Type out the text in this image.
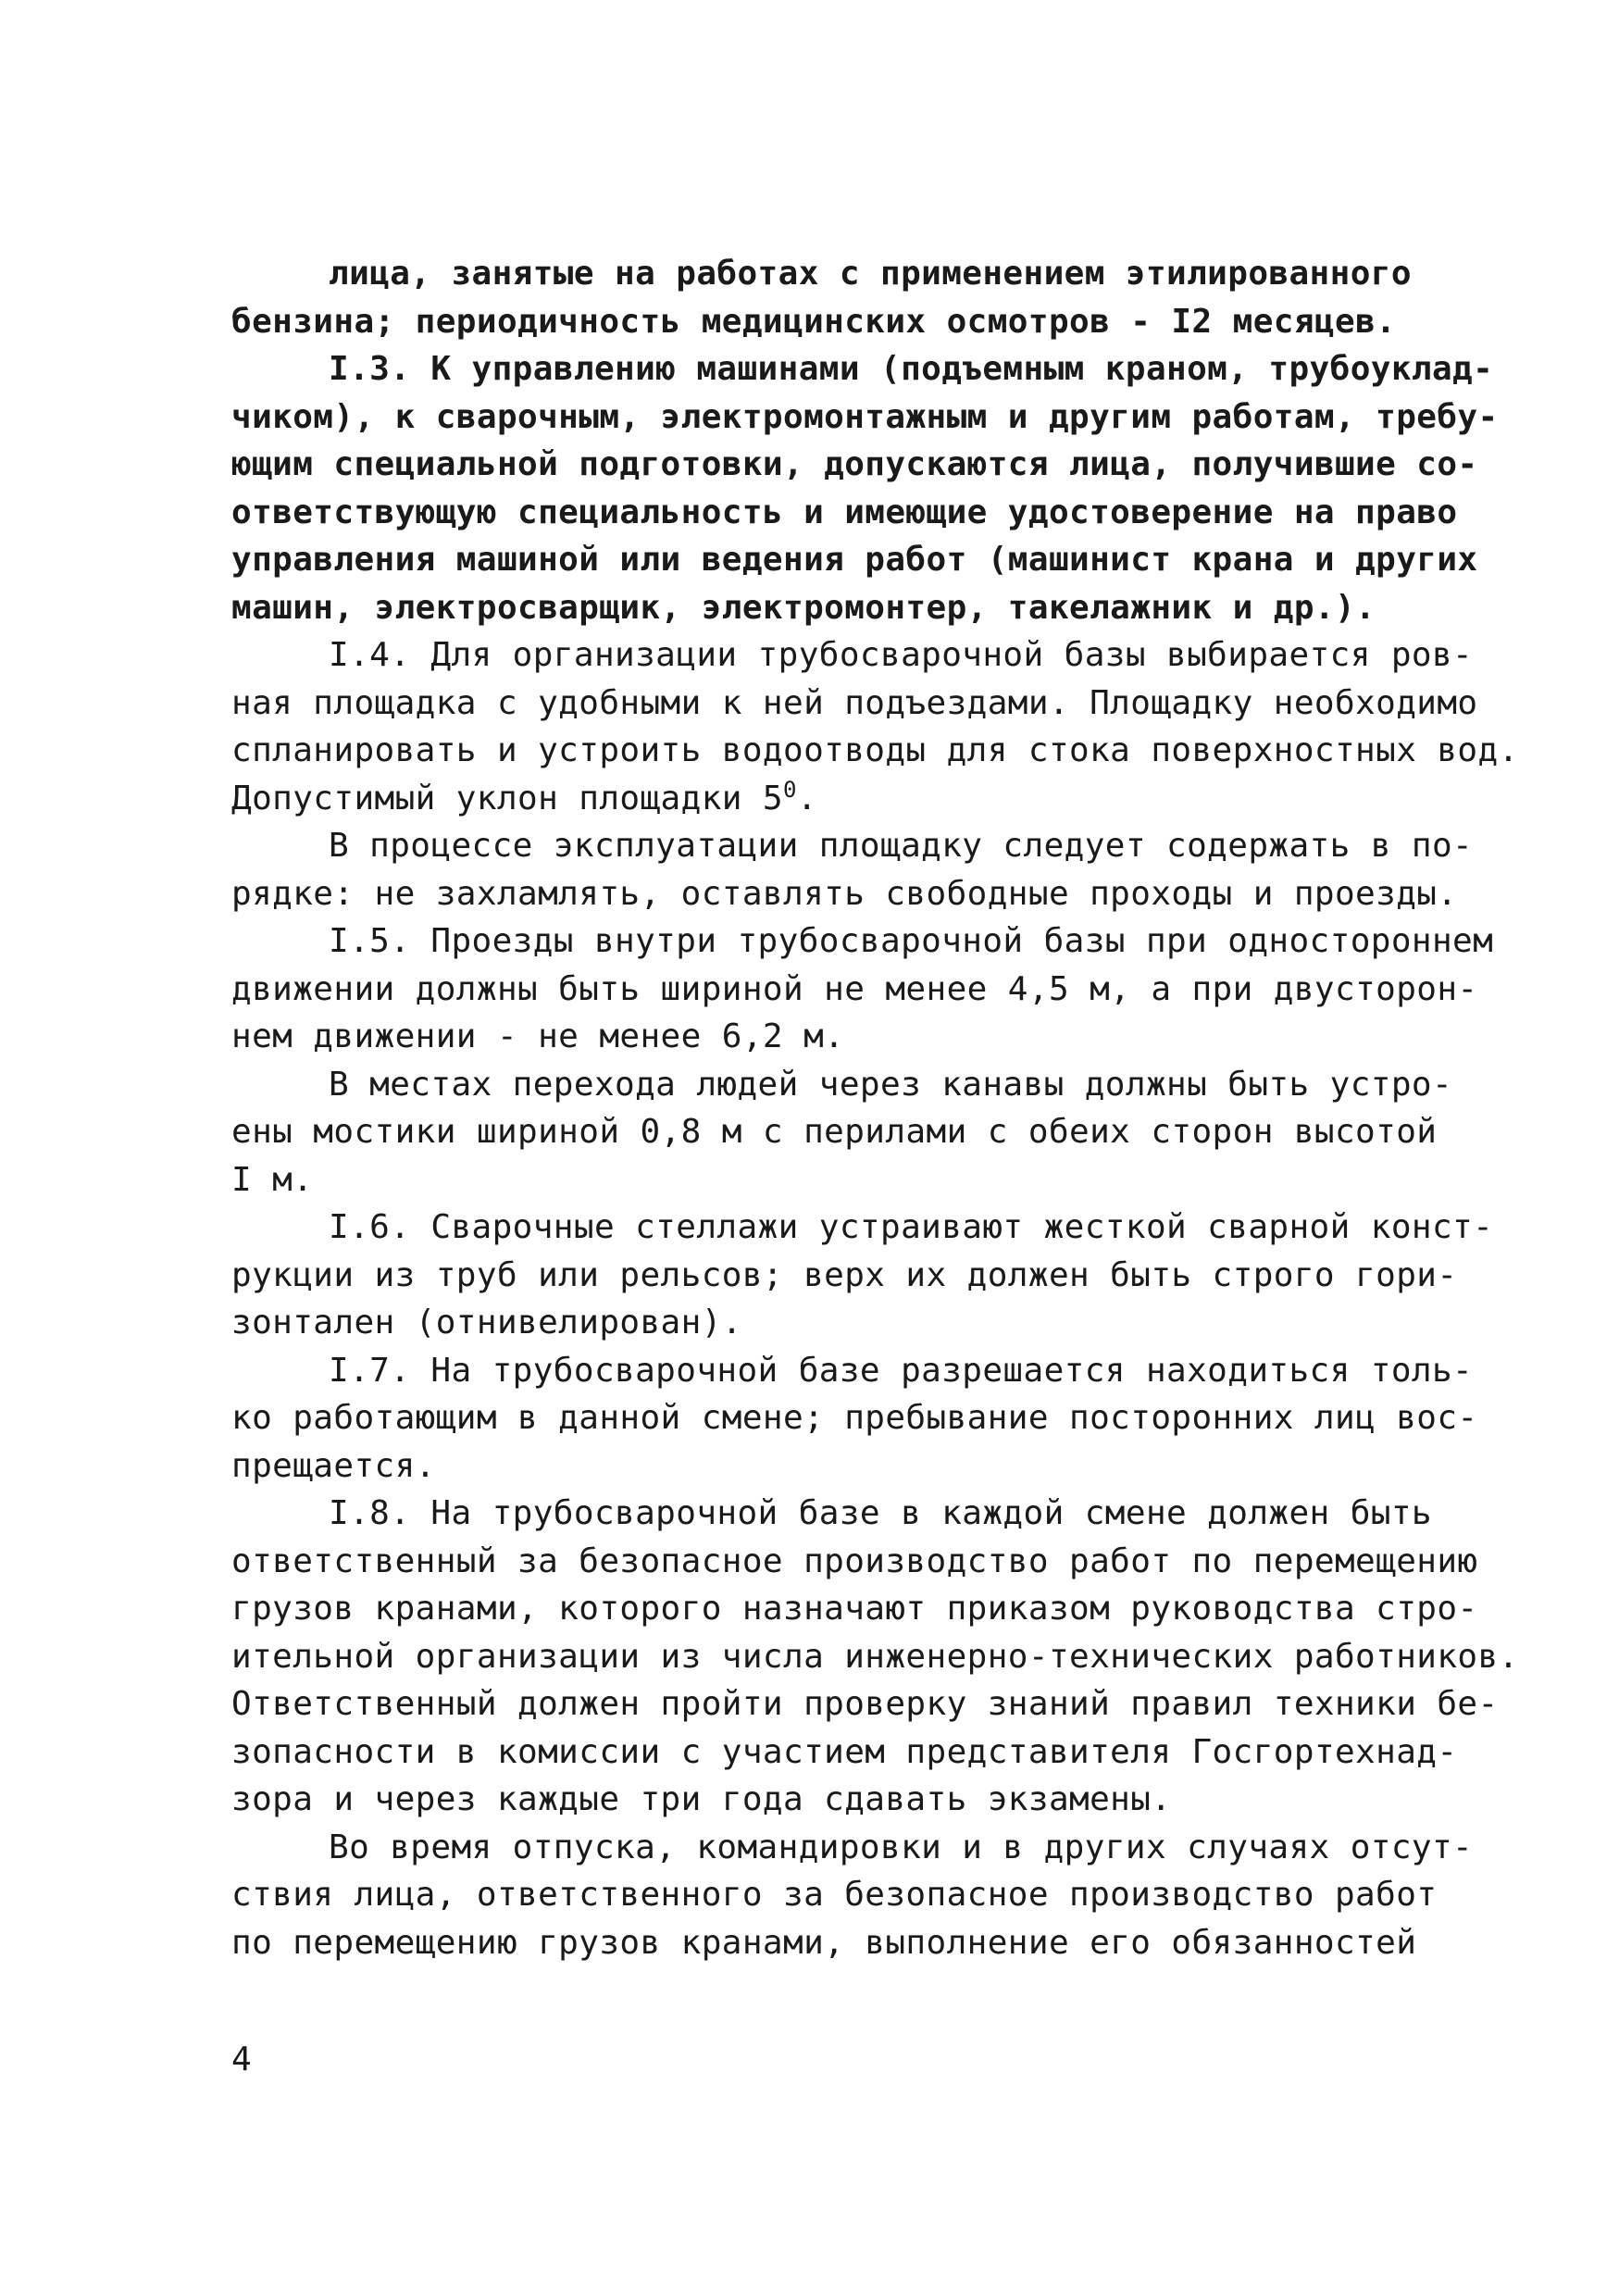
лица, занятые на работах с применением этилированного
бензина; периодичность медицинских осмотров - I2 месяцев.
I.3. К управлению машинами (подъемным краном, трубоуклад-
чиком), к сварочным, электромонтажным и другим работам, требу-
ющим специальной подготовки, допускаются лица, получившие со-
ответствующую специальность и имеющие удостоверение на право
управления машиной или ведения работ (машинист крана и других
машин, электросварщик, электромонтер, такелажник и др.).
I.4. Для организации трубосварочной базы выбирается ров-
ная площадка с удобными к ней подъездами. Площадку необходимо
спланировать и устроить водоотводы для стока поверхностных вод.
Допустимый уклон площадки $5^0$.
В процессе эксплуатации площадку следует содержать в по-
рядке: не захламлять, оставлять свободные проходы и проезды.
I.5. Проезды внутри трубосварочной базы при одностороннем
движении должны быть шириной не менее 4,5 м, а при двусторон-
нем движении - не менее 6,2 м.
В местах перехода людей через канавы должны быть устро-
ены мостики шириной 0,8 м с перилами с обеих сторон высотой
I м.
I.6. Сварочные стеллажи устраивают жесткой сварной конст-
рукции из труб или рельсов; верх их должен быть строго гори-
зонтален (отнивелирован).
I.7. На трубосварочной базе разрешается находиться толь-
ко работающим в данной смене; пребывание посторонних лиц вос-
прещается.
I.8. На трубосварочной базе в каждой смене должен быть
ответственный за безопасное производство работ по перемещению
грузов кранами, которого назначают приказом руководства стро-
ительной организации из числа инженерно-технических работников.
Ответственный должен пройти проверку знаний правил техники бе-
зопасности в комиссии с участием представителя Госгортехнад-
зора и через каждые три года сдавать экзамены.
Во время отпуска, командировки и в других случаях отсут-
ствия лица, ответственного за безопасное производство работ
по перемещению грузов кранами, выполнение его обязанностей
4
